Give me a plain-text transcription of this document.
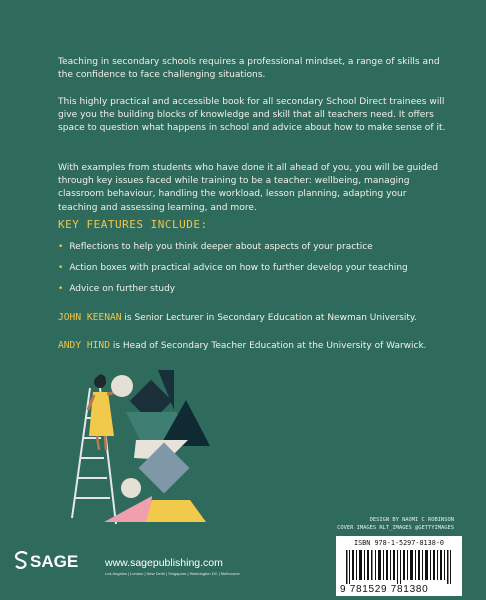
Teaching in secondary schools requires a professional mindset, a range of skills and the confidence to face challenging situations.

This highly practical and accessible book for all secondary School Direct trainees will give you the building blocks of knowledge and skill that all teachers need. It offers space to question what happens in school and advice about how to make sense of it.

With examples from students who have done it all ahead of you, you will be guided through key issues faced while training to be a teacher: wellbeing, managing classroom behaviour, handling the workload, lesson planning, adapting your teaching and assessing learning, and more.

KEY FEATURES INCLUDE:
• Reflections to help you think deeper about aspects of your practice
• Action boxes with practical advice on how to further develop your teaching
• Advice on further study
JOHN KEENAN is Senior Lecturer in Secondary Education at Newman University.
ANDY HIND is Head of Secondary Teacher Education at the University of Warwick.
DESIGN BY NAOMI C ROBINSON
COVER IMAGES RLT_IMAGES @GETTYIMAGES
ISBN 978-1-5297-8138-0
9 781529 781380
SAGE	www.sagepublishing.com
Los Angeles | London | New Delhi | Singapore | Washington DC | Melbourne
